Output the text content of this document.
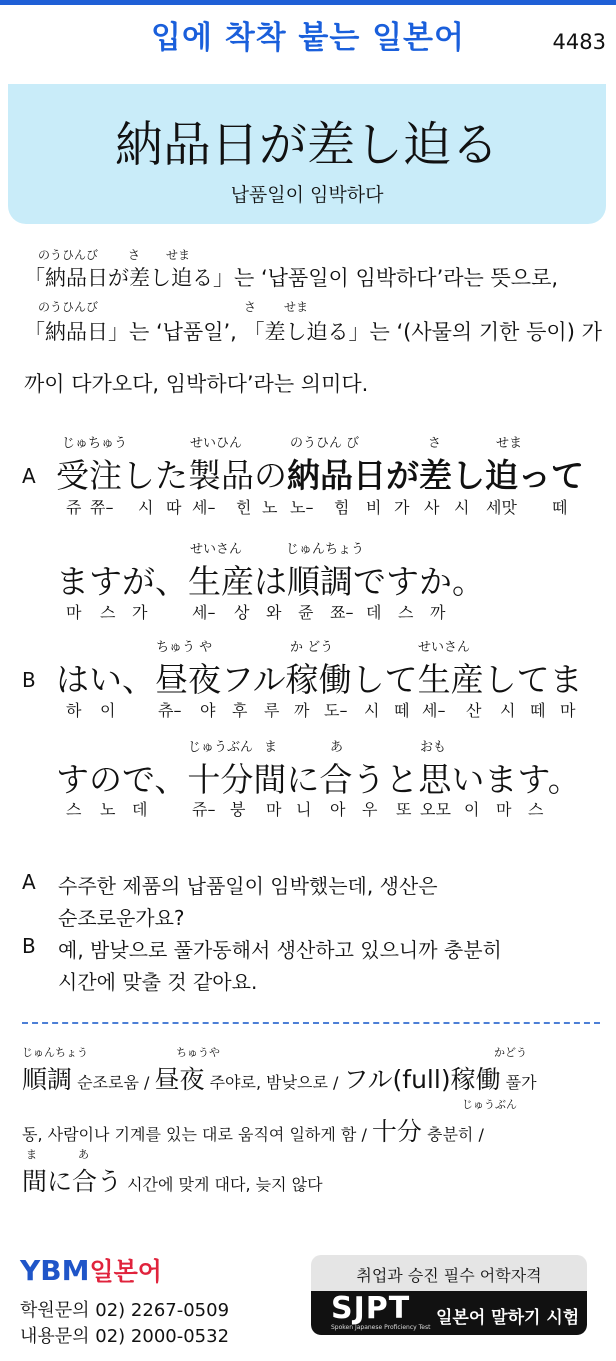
입에 착착 붙는 일본어	4483
納品日が差し迫る
납품일이 임박하다
のうひんび さ せま
「納品日が差し迫る」는 ‘납품일이 임박하다’라는 뜻으로,
のうひんび	さ せま
「納品日」는 ‘납품일’, 「差し迫る」는 ‘(사물의 기한 등이) 가
까이 다가오다, 임박하다’라는 의미다.
じゅちゅう	せいひん	のうひん び	さ	せま
A 受注した製品の納品日が差し迫って
쥬 쮸– 시 따 세– 힌 노 노– 힘 비 가 사 시 세맛 떼
せいさん	じゅんちょう
ますが、生産は順調ですか。
마 스 가	세– 상 와 쥰 쬬– 데 스 까
ちゅう や	か どう	せいさん
B はい、昼夜フル稼働して生産してま
하 이	츄– 야 후 루 까 도– 시 떼 세– 산 시 떼 마
じゅうぶん ま	あ	おも
すので、十分間に合うと思います。
스 노 데	쥬– 붕 마 니 아 우 또 오모 이 마 스
A 수주한 제품의 납품일이 임박했는데, 생산은
순조로운가요?
B 예, 밤낮으로 풀가동해서 생산하고 있으니까 충분히
시간에 맞출 것 같아요.
じゅんちょう	ちゅうや	かどう
順調 순조로움 / 昼夜 주야로, 밤낮으로 / フル(full)稼働 풀가
じゅうぶん
동, 사람이나 기계를 있는 대로 움직여 일하게 함 / 十分 충분히 /
ま	あ
間に合う 시간에 맞게 대다, 늦지 않다
YBM일본어
학원문의 02) 2267-0509
내용문의 02) 2000-0532
취업과 승진 필수 어학자격
SJPT
Spoken Japanese Proficiency Test 일본어 말하기 시험
